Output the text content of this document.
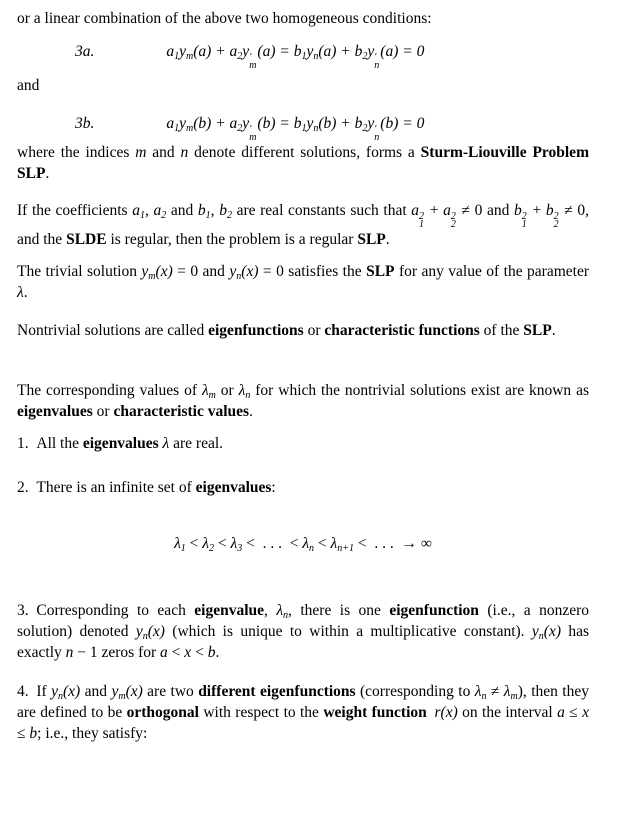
or a linear combination of the above two homogeneous conditions:
3a.	$a_1y_m(a) + a_2y$ ′
m
$(a) = b_1y_n(a) + b_2y$ ′
n
(a) = 0
and
3b.	$a_1y_m(b) + a_2y$ ′
m
$(b) = b_1y_n(b) + b_2y$ ′
n
(b) = 0
where the indices m and n denote different solutions, forms a Sturm-Liouville Problem SLP.
If the coefficients $a_1$, $a_2$ and $b_1$, $b_2$ are real constants such that a 2
1
+ a 2
2
≠ 0 and b 2
1
+ b 2
2
≠ 0, and the SLDE is regular, then the problem is a regular SLP.
The trivial solution $y_m(x) = 0$ and $y_n(x) = 0$ satisfies the SLP for any value of the parameter λ.
Nontrivial solutions are called eigenfunctions or characteristic functions of the SLP.
The corresponding values of $\lambda_m$ or $\lambda_n$ for which the nontrivial solutions exist are known as eigenvalues or characteristic values.
1. All the eigenvalues λ are real.
2. There is an infinite set of eigenvalues:
$\lambda_1 < \lambda_2 < \lambda_3$ < . . . < $\lambda_n < \lambda_{n+1}$ < . . . → ∞
3. Corresponding to each eigenvalue, $\lambda_n$, there is one eigenfunction (i.e., a nonzero solution) denoted $y_n(x)$ (which is unique to within a multiplicative constant). $y_n(x)$ has exactly n − 1 zeros for a < x < b.
4. If $y_n(x)$ and $y_m(x)$ are two different eigenfunctions (corresponding to $\lambda_n \ne \lambda_m$), then they are defined to be orthogonal with respect to the weight function  r(x) on the interval a ≤ x ≤ b; i.e., they satisfy:
